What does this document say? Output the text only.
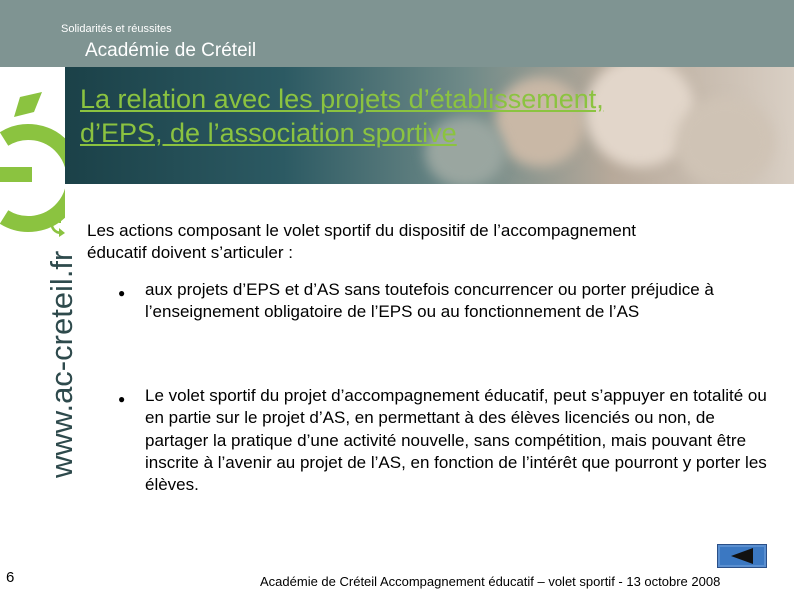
Solidarités et réussites
Académie de Créteil
La relation avec les projets d’établissement,
d’EPS, de l’association sportive
www.ac-creteil.fr
Les actions composant le volet sportif du dispositif de l’accompagnement éducatif doivent s’articuler :
● aux projets d’EPS et d’AS sans toutefois concurrencer ou porter préjudice à l’enseignement obligatoire de l’EPS ou au fonctionnement de l’AS
● Le volet sportif du projet d’accompagnement éducatif, peut s’appuyer en totalité ou en partie sur le projet d’AS, en permettant à des élèves licenciés ou non, de partager la pratique d’une activité nouvelle, sans compétition, mais pouvant être inscrite à l’avenir au projet de l’AS, en fonction de l’intérêt que pourront y porter les élèves.
6	Académie de Créteil Accompagnement éducatif – volet sportif - 13 octobre 2008
